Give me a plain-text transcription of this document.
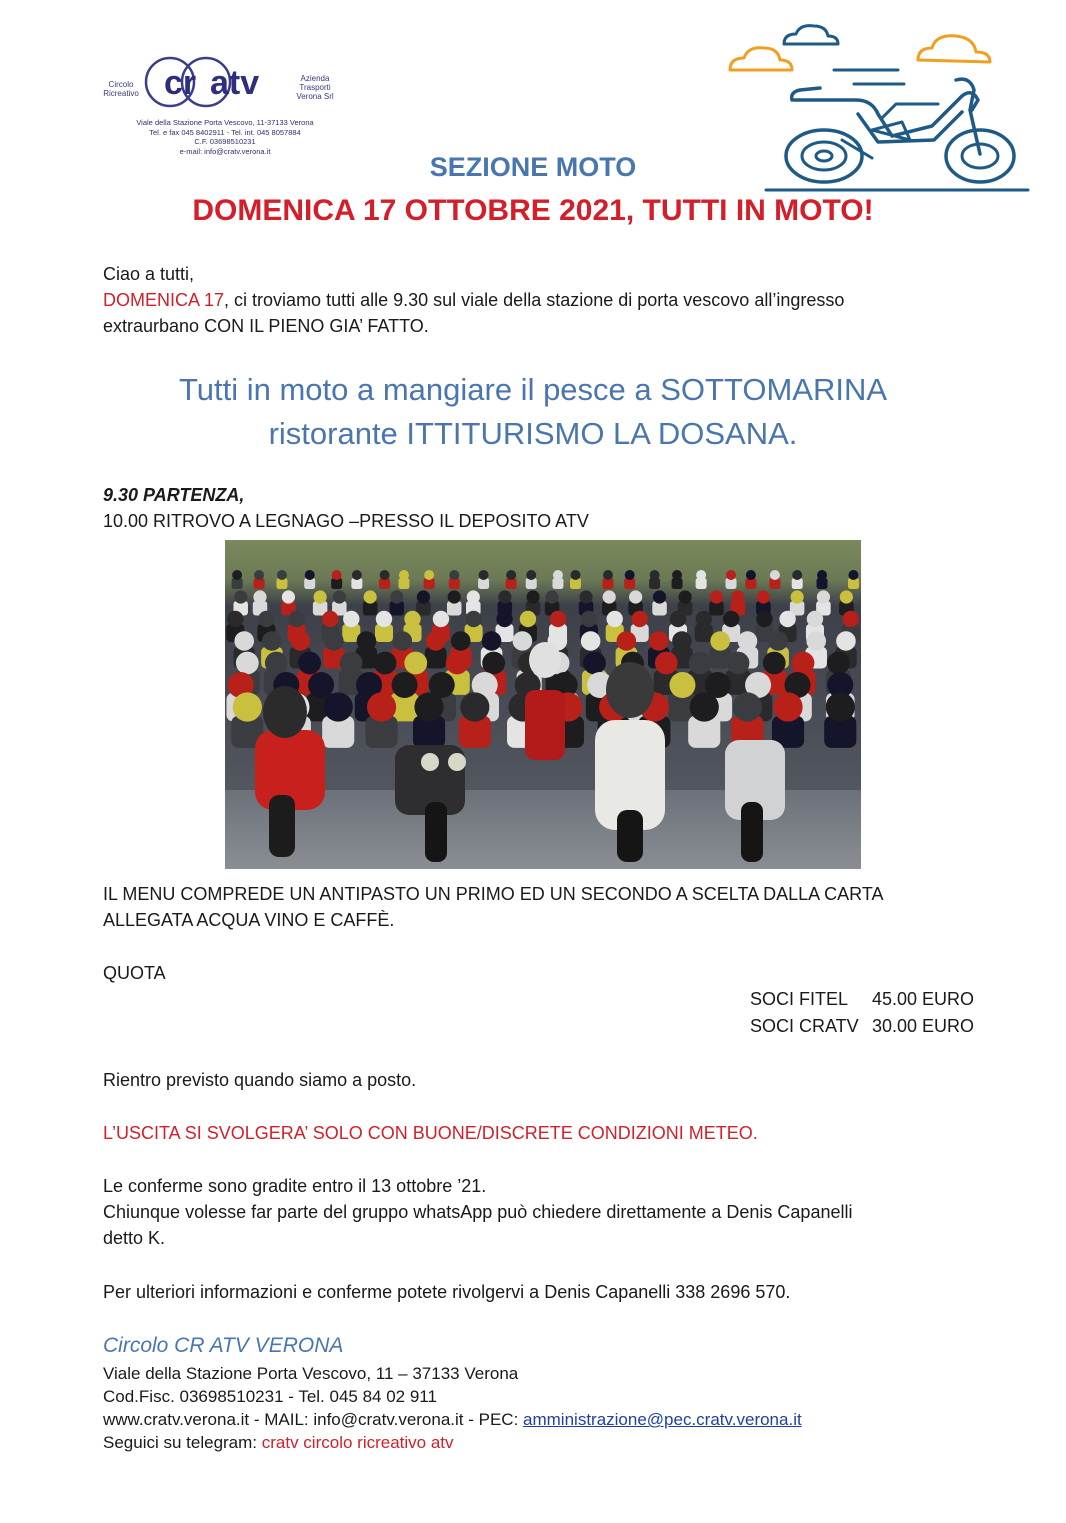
Circolo
Ricreativo cr atv	Azienda
Trasporti
Verona Srl
Viale della Stazione Porta Vescovo, 11-37133 Verona
Tel. e fax 045 8402911 - Tel. int. 045 8057884
C.F. 03698510231
e-mail: info@cratv.verona.it
SEZIONE MOTO
DOMENICA 17 OTTOBRE 2021, TUTTI IN MOTO!
Ciao a tutti,
DOMENICA 17, ci troviamo tutti alle 9.30 sul viale della stazione di porta vescovo all’ingresso
extraurbano CON IL PIENO GIA’ FATTO.
Tutti in moto a mangiare il pesce a SOTTOMARINA
ristorante ITTITURISMO LA DOSANA.
9.30 PARTENZA,
10.00 RITROVO A LEGNAGO –PRESSO IL DEPOSITO ATV
IL MENU COMPREDE UN ANTIPASTO UN PRIMO ED UN SECONDO A SCELTA DALLA CARTA
ALLEGATA ACQUA VINO E CAFFÈ.
QUOTA
SOCI FITEL 45.00 EURO
SOCI CRATV 30.00 EURO
Rientro previsto quando siamo a posto.
L’USCITA SI SVOLGERA’ SOLO CON BUONE/DISCRETE CONDIZIONI METEO.
Le conferme sono gradite entro il 13 ottobre ’21.
Chiunque volesse far parte del gruppo whatsApp può chiedere direttamente a Denis Capanelli
detto K.
Per ulteriori informazioni e conferme potete rivolgervi a Denis Capanelli 338 2696 570.
Circolo CR ATV VERONA
Viale della Stazione Porta Vescovo, 11 – 37133 Verona
Cod.Fisc. 03698510231 - Tel. 045 84 02 911
www.cratv.verona.it - MAIL: info@cratv.verona.it - PEC: amministrazione@pec.cratv.verona.it
Seguici su telegram: cratv circolo ricreativo atv
